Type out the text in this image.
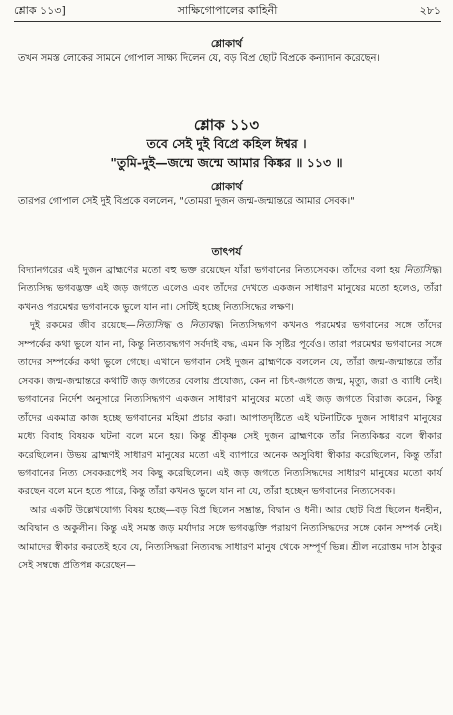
শ্লোক ১১৩]	সাক্ষিগোপালের কাহিনী	২৮১
শ্লোকার্থ
তখন সমস্ত লোকের সামনে গোপাল সাক্ষ্য দিলেন যে, বড় বিপ্র ছোট বিপ্রকে কন্যাদান করেছেন।
শ্লোক ১১৩
তবে সেই দুই বিপ্রে কহিল ঈশ্বর ।
"তুমি-দুই—জন্মে জন্মে আমার কিঙ্কর ॥ ১১৩ ॥
শ্লোকার্থ
তারপর গোপাল সেই দুই বিপ্রকে বললেন, "তোমরা দুজন জন্ম-জন্মান্তরে আমার সেবক।"
তাৎপর্য

বিদ্যানগরের এই দুজন ব্রাহ্মণের মতো বহু ভক্ত রয়েছেন যাঁরা ভগবানের নিত্যসেবক। তাঁদের বলা হয় নিত্যসিদ্ধ। নিত্যসিদ্ধ ভগবদ্ভক্ত এই জড় জগতে এলেও এবং তাঁদের দেখতে একজন সাধারণ মানুষের মতো হলেও, তাঁরা কখনও পরমেশ্বর ভগবানকে ভুলে যান না। সেটিই হচ্ছে নিত্যসিদ্ধের লক্ষণ।

দুই রকমের জীব রয়েছে—নিত্যসিদ্ধ ও নিত্যবদ্ধ। নিত্যসিদ্ধগণ কখনও পরমেশ্বর ভগবানের সঙ্গে তাঁদের সম্পর্কের কথা ভুলে যান না, কিন্তু নিত্যবদ্ধগণ সর্বদাই বদ্ধ, এমন কি সৃষ্টির পূর্বেও। তারা পরমেশ্বর ভগবানের সঙ্গে তাদের সম্পর্কের কথা ভুলে গেছে। এখানে ভগবান সেই দুজন ব্রাহ্মণকে বললেন যে, তাঁরা জন্ম-জন্মান্তরে তাঁর সেবক। জন্ম-জন্মান্তরে কথাটি জড় জগতের বেলায় প্রযোজ্য, কেন না চিৎ-জগতে জন্ম, মৃত্যু, জরা ও ব্যাধি নেই। ভগবানের নির্দেশ অনুসারে নিত্যসিদ্ধগণ একজন সাধারণ মানুষের মতো এই জড় জগতে বিরাজ করেন, কিন্তু তাঁদের একমাত্র কাজ হচ্ছে ভগবানের মহিমা প্রচার করা। আপাতদৃষ্টিতে এই ঘটনাটিকে দুজন সাধারণ মানুষের মধ্যে বিবাহ বিষয়ক ঘটনা বলে মনে হয়। কিন্তু শ্রীকৃষ্ণ সেই দুজন ব্রাহ্মণকে তাঁর নিত্যকিঙ্কর বলে স্বীকার করেছিলেন। উভয় ব্রাহ্মণই সাধারণ মানুষের মতো এই ব্যাপারে অনেক অসুবিধা স্বীকার করেছিলেন, কিন্তু তাঁরা ভগবানের নিত্য সেবকরূপেই সব কিছু করেছিলেন। এই জড় জগতে নিত্যসিদ্ধদের সাধারণ মানুষের মতো কার্য করছেন বলে মনে হতে পারে, কিন্তু তাঁরা কখনও ভুলে যান না যে, তাঁরা হচ্ছেন ভগবানের নিত্যসেবক।

আর একটি উল্লেখযোগ্য বিষয় হচ্ছে—বড় বিপ্র ছিলেন সম্ভ্রান্ত, বিদ্বান ও ধনী। আর ছোট বিপ্র ছিলেন ধনহীন, অবিদ্বান ও অকুলীন। কিন্তু এই সমস্ত জড় মর্যাদার সঙ্গে ভগবদ্ভক্তি পরায়ণ নিত্যসিদ্ধদের সঙ্গে কোন সম্পর্ক নেই। আমাদের স্বীকার করতেই হবে যে, নিত্যসিদ্ধরা নিত্যবদ্ধ সাধারণ মানুষ থেকে সম্পূর্ণ ভিন্ন। শ্রীল নরোত্তম দাস ঠাকুর সেই সম্বন্ধে প্রতিপন্ন করেছেন—
